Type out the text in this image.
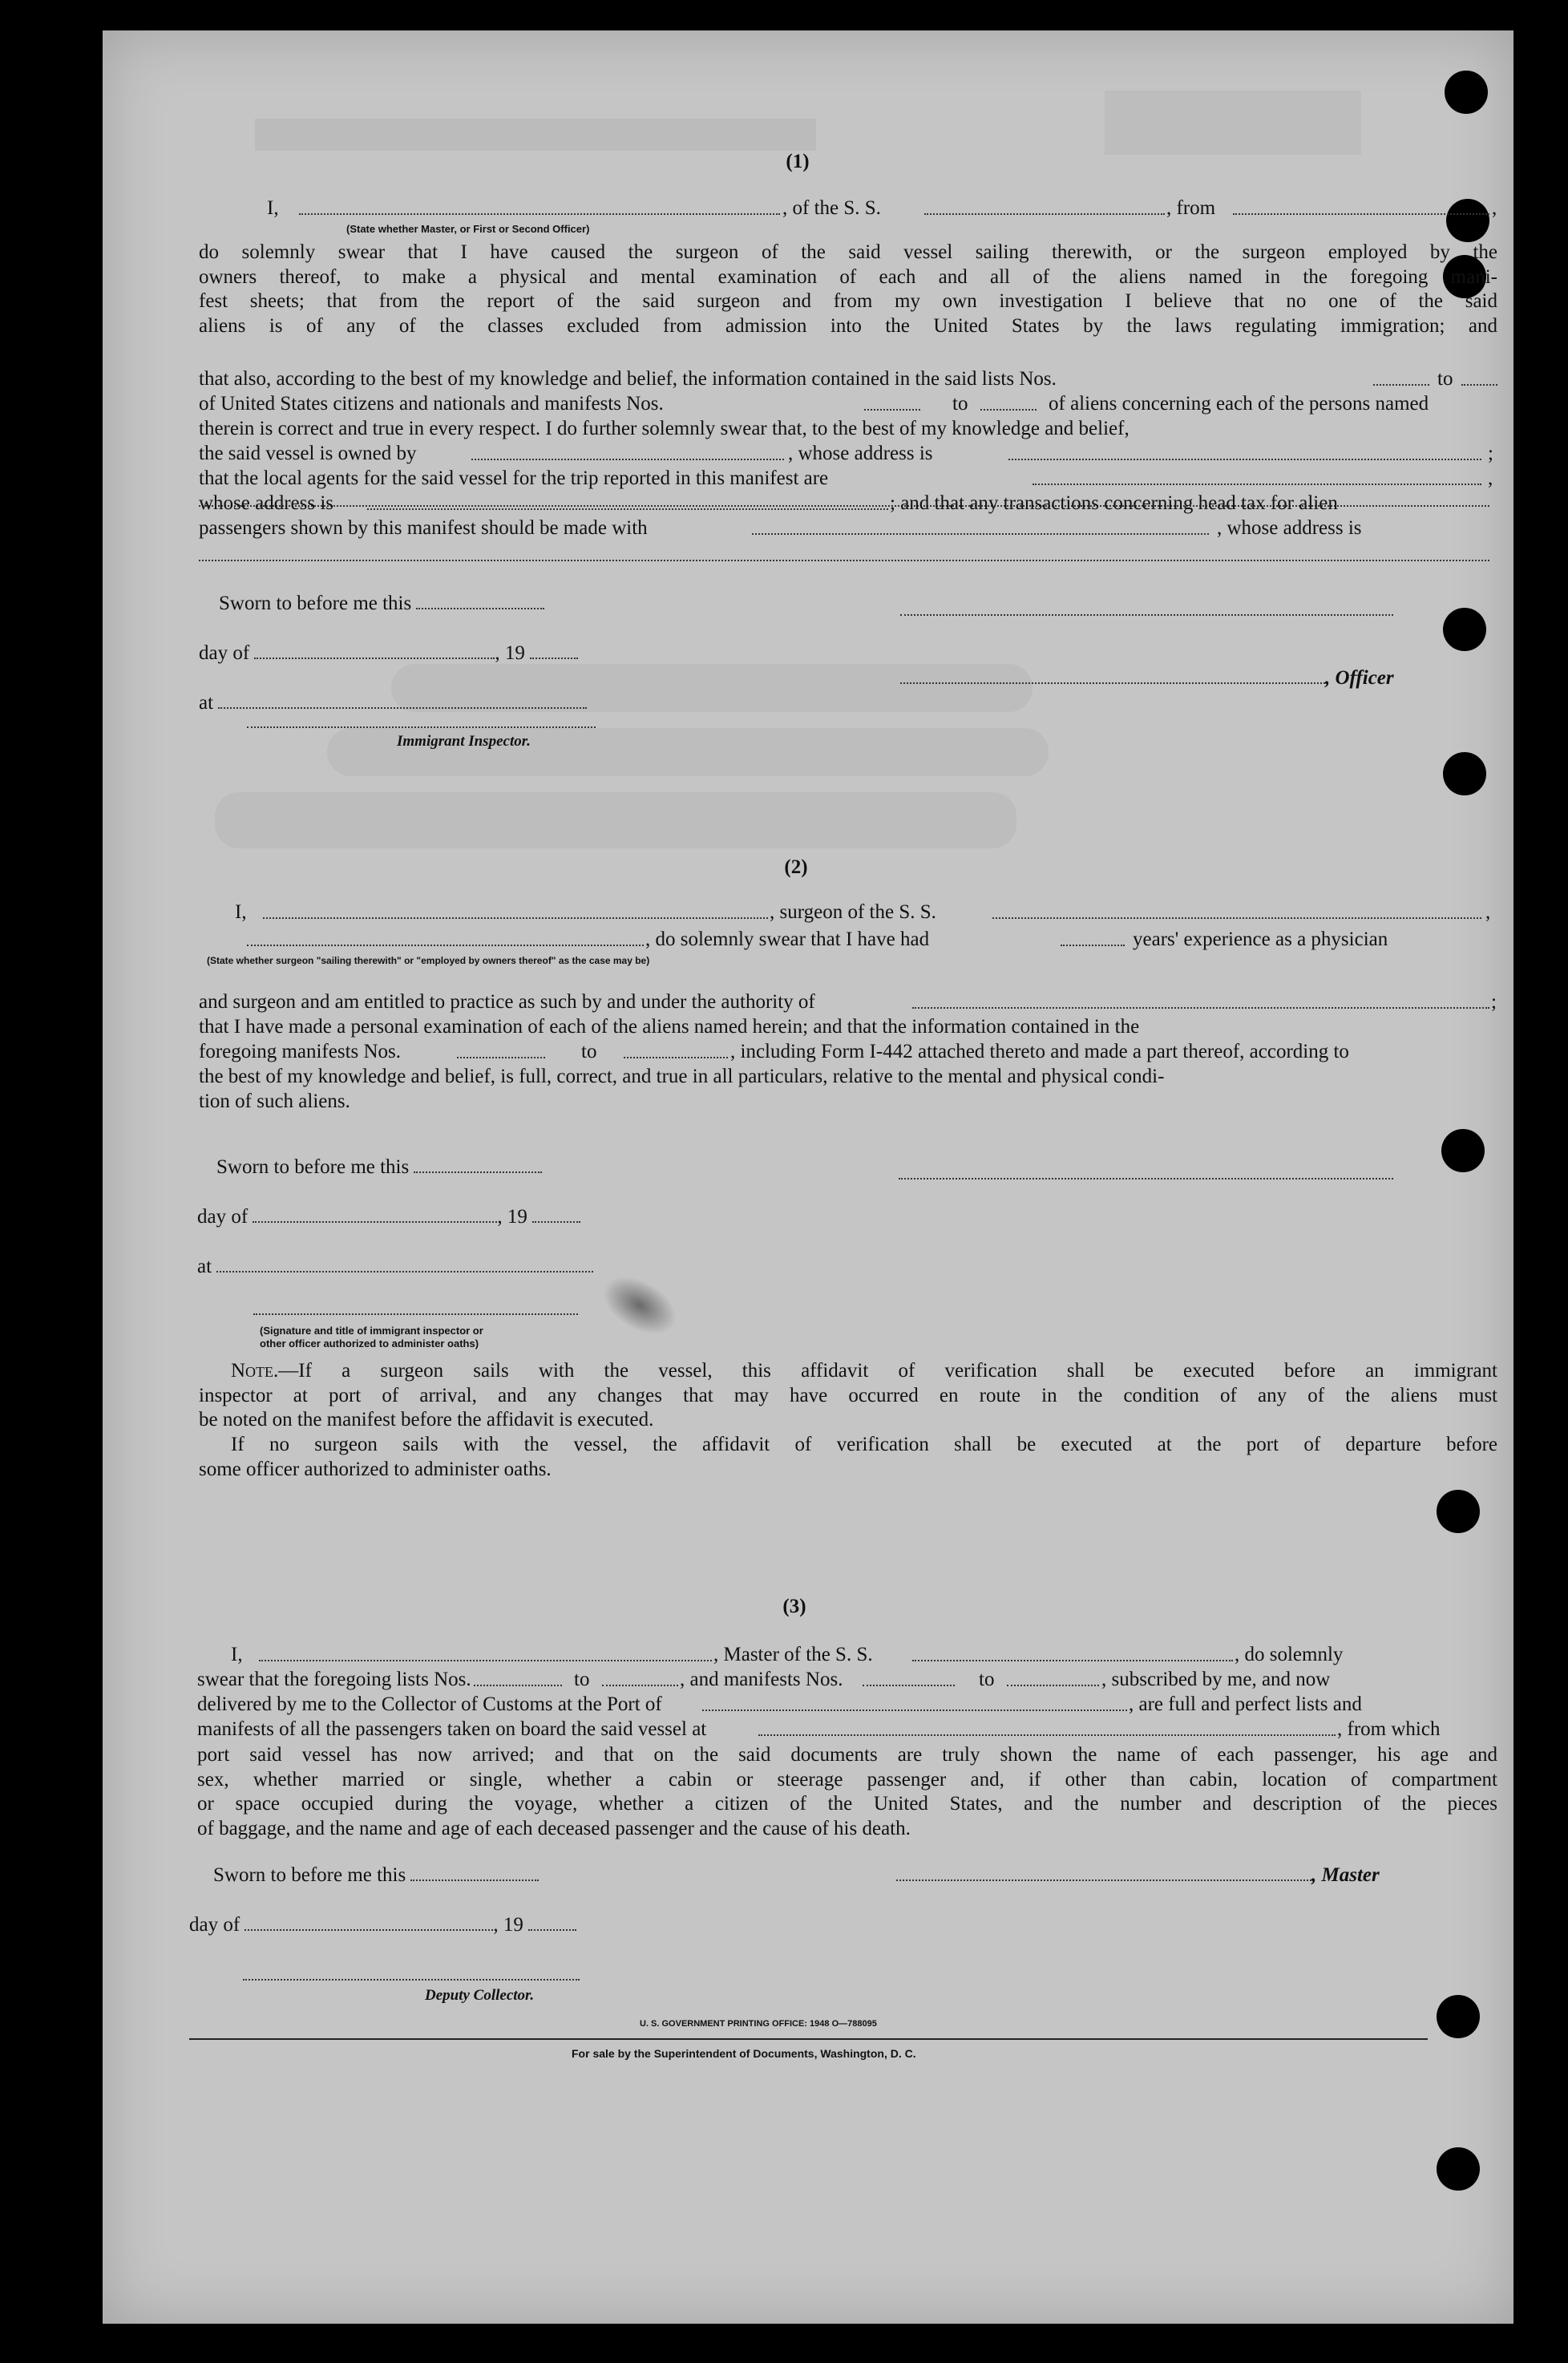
(1)
I,	, of the S. S.	, from	,
(State whether Master, or First or Second Officer)
do solemnly swear that I have caused the surgeon of the said vessel sailing therewith, or the surgeon employed by the
owners thereof, to make a physical and mental examination of each and all of the aliens named in the foregoing mani-
fest sheets; that from the report of the said surgeon and from my own investigation I believe that no one of the said
aliens is of any of the classes excluded from admission into the United States by the laws regulating immigration; and
that also, according to the best of my knowledge and belief, the information contained in the said lists Nos.	to
of United States citizens and nationals and manifests Nos.	to	of aliens concerning each of the persons named
therein is correct and true in every respect. I do further solemnly swear that, to the best of my knowledge and belief,
the said vessel is owned by	, whose address is	;
that the local agents for the said vessel for the trip reported in this manifest are	,
whose address is	; and that any transactions concerning head tax for alien
passengers shown by this manifest should be made with	, whose address is
Sworn to before me this
day of	, 19
, Officer
at
Immigrant Inspector.
(2)
I,	, surgeon of the S. S.	,
, do solemnly swear that I have had	years' experience as a physician
(State whether surgeon "sailing therewith" or "employed by owners thereof" as the case may be)
and surgeon and am entitled to practice as such by and under the authority of	;
that I have made a personal examination of each of the aliens named herein; and that the information contained in the
foregoing manifests Nos.	to	, including Form I-442 attached thereto and made a part thereof, according to
the best of my knowledge and belief, is full, correct, and true in all particulars, relative to the mental and physical condi-
tion of such aliens.
Sworn to before me this
day of	, 19
at
(Signature and title of immigrant inspector or
other officer authorized to administer oaths)
Note.—If a surgeon sails with the vessel, this affidavit of verification shall be executed before an immigrant
inspector at port of arrival, and any changes that may have occurred en route in the condition of any of the aliens must
be noted on the manifest before the affidavit is executed.
If no surgeon sails with the vessel, the affidavit of verification shall be executed at the port of departure before
some officer authorized to administer oaths.
(3)
I,	, Master of the S. S.	, do solemnly
swear that the foregoing lists Nos.	to	, and manifests Nos.	to	, subscribed by me, and now
delivered by me to the Collector of Customs at the Port of	, are full and perfect lists and
manifests of all the passengers taken on board the said vessel at	, from which
port said vessel has now arrived; and that on the said documents are truly shown the name of each passenger, his age and
sex, whether married or single, whether a cabin or steerage passenger and, if other than cabin, location of compartment
or space occupied during the voyage, whether a citizen of the United States, and the number and description of the pieces
of baggage, and the name and age of each deceased passenger and the cause of his death.
Sworn to before me this	, Master
day of	, 19
Deputy Collector.
U. S. GOVERNMENT PRINTING OFFICE: 1948 O—788095
For sale by the Superintendent of Documents, Washington, D. C.
